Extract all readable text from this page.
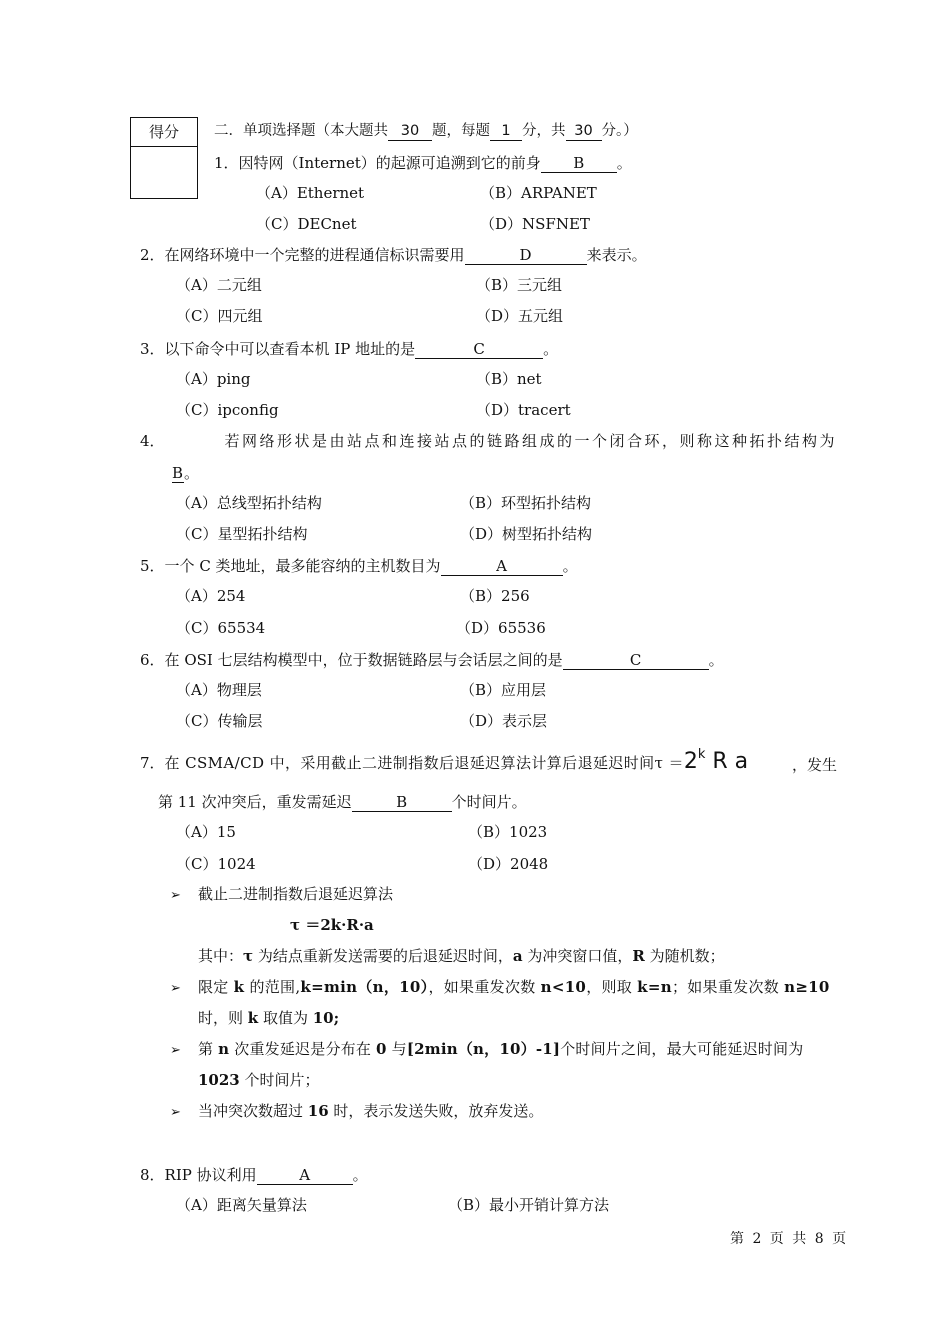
得分	二．单项选择题（本大题共 30 题，每题 1 分，共 30 分。）
1．因特网（Internet）的起源可追溯到它的前身 B 。
（A）Ethernet	（B）ARPANET
（C）DECnet	（D）NSFNET
2．在网络环境中一个完整的进程通信标识需要用	D	来表示。
（A）二元组	（B）三元组
（C）四元组	（D）五元组
3．以下命令中可以查看本机 IP 地址的是	C	。
（A）ping	（B）net
（C）ipconfig	（D）tracert
4．	若网络形状是由站点和连接站点的链路组成的一个闭合环，则称这种拓扑结构为
B。
（A）总线型拓扑结构	（B）环型拓扑结构
（C）星型拓扑结构	（D）树型拓扑结构
5．一个 C 类地址，最多能容纳的主机数目为	A	。
（A）254	（B）256
（C）65534	（D）65536
6．在 OSI 七层结构模型中，位于数据链路层与会话层之间的是	C	。
（A）物理层	（B）应用层
（C）传输层	（D）表示层
7．在 CSMA/CD 中，采用截止二进制指数后退延迟算法计算后退延迟时间$\tau =2^k$ R a	，发生
第 11 次冲突后，重发需延迟	B	个时间片。
（A）15	（B）1023
（C）1024	（D）2048
➢ 截止二进制指数后退延迟算法
τ ＝2k·R·a
其中：τ 为结点重新发送需要的后退延迟时间，a 为冲突窗口值，R 为随机数；
➢ 限定 k 的范围,k=min（n，10），如果重发次数 n<10，则取 k=n；如果重发次数 n≥10
时，则 k 取值为 10;
➢ 第 n 次重发延迟是分布在 0 与[2min（n，10）-1]个时间片之间，最大可能延迟时间为
1023 个时间片；
➢ 当冲突次数超过 16 时，表示发送失败，放弃发送。
8．RIP 协议利用	A	。
（A）距离矢量算法	（B）最小开销计算方法
第 2 页 共 8 页
